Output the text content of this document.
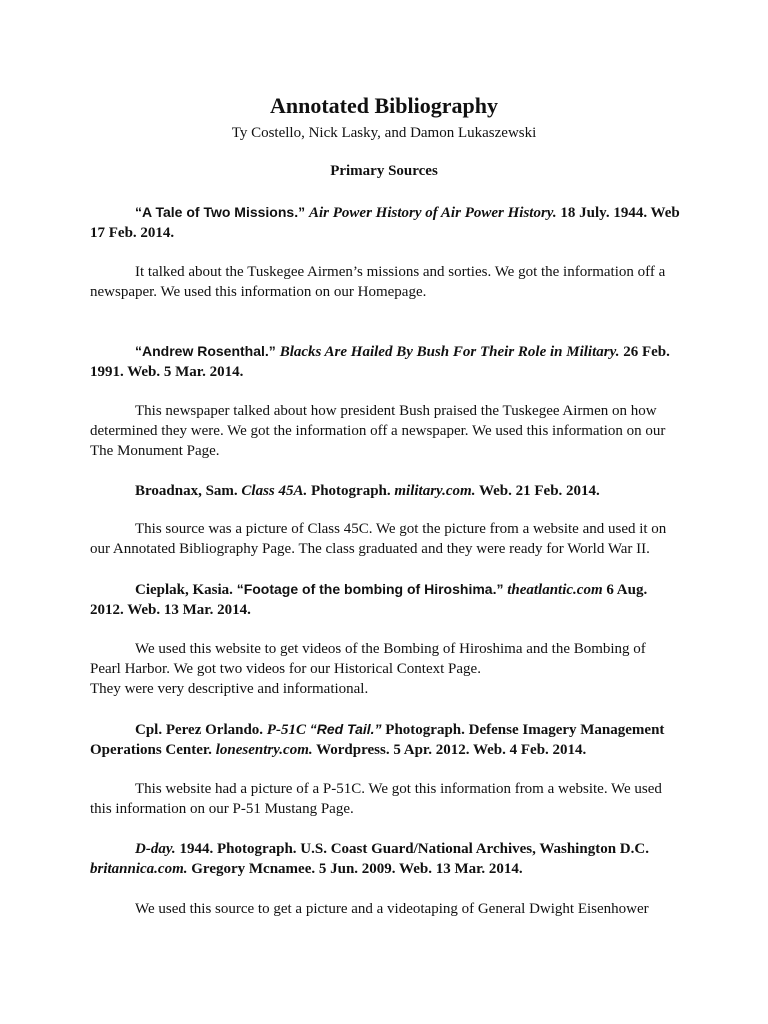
Annotated Bibliography
Ty Costello, Nick Lasky, and Damon Lukaszewski
Primary Sources
“A Tale of Two Missions.” Air Power History of Air Power History. 18 July. 1944. Web 17 Feb. 2014.
It talked about the Tuskegee Airmen’s missions and sorties. We got the information off a newspaper. We used this information on our Homepage.
“Andrew Rosenthal.” Blacks Are Hailed By Bush For Their Role in Military. 26 Feb. 1991. Web. 5 Mar. 2014.
This newspaper talked about how president Bush praised the Tuskegee Airmen on how determined they were. We got the information off a newspaper. We used this information on our The Monument Page.
Broadnax, Sam. Class 45A. Photograph. military.com. Web. 21 Feb. 2014.
This source was a picture of Class 45C. We got the picture from a website and used it on our Annotated Bibliography Page. The class graduated and they were ready for World War II.
Cieplak, Kasia. “Footage of the bombing of Hiroshima.” theatlantic.com 6 Aug. 2012. Web. 13 Mar. 2014.
We used this website to get videos of the Bombing of Hiroshima and the Bombing of Pearl Harbor. We got two videos for our Historical Context Page.
They were very descriptive and informational.
Cpl. Perez Orlando. P-51C “Red Tail.” Photograph. Defense Imagery Management Operations Center. lonesentry.com. Wordpress. 5 Apr. 2012. Web. 4 Feb. 2014.
This website had a picture of a P-51C. We got this information from a website. We used this information on our P-51 Mustang Page.
D-day. 1944. Photograph. U.S. Coast Guard/National Archives, Washington D.C. britannica.com. Gregory Mcnamee. 5 Jun. 2009. Web. 13 Mar. 2014.
We used this source to get a picture and a videotaping of General Dwight Eisenhower
